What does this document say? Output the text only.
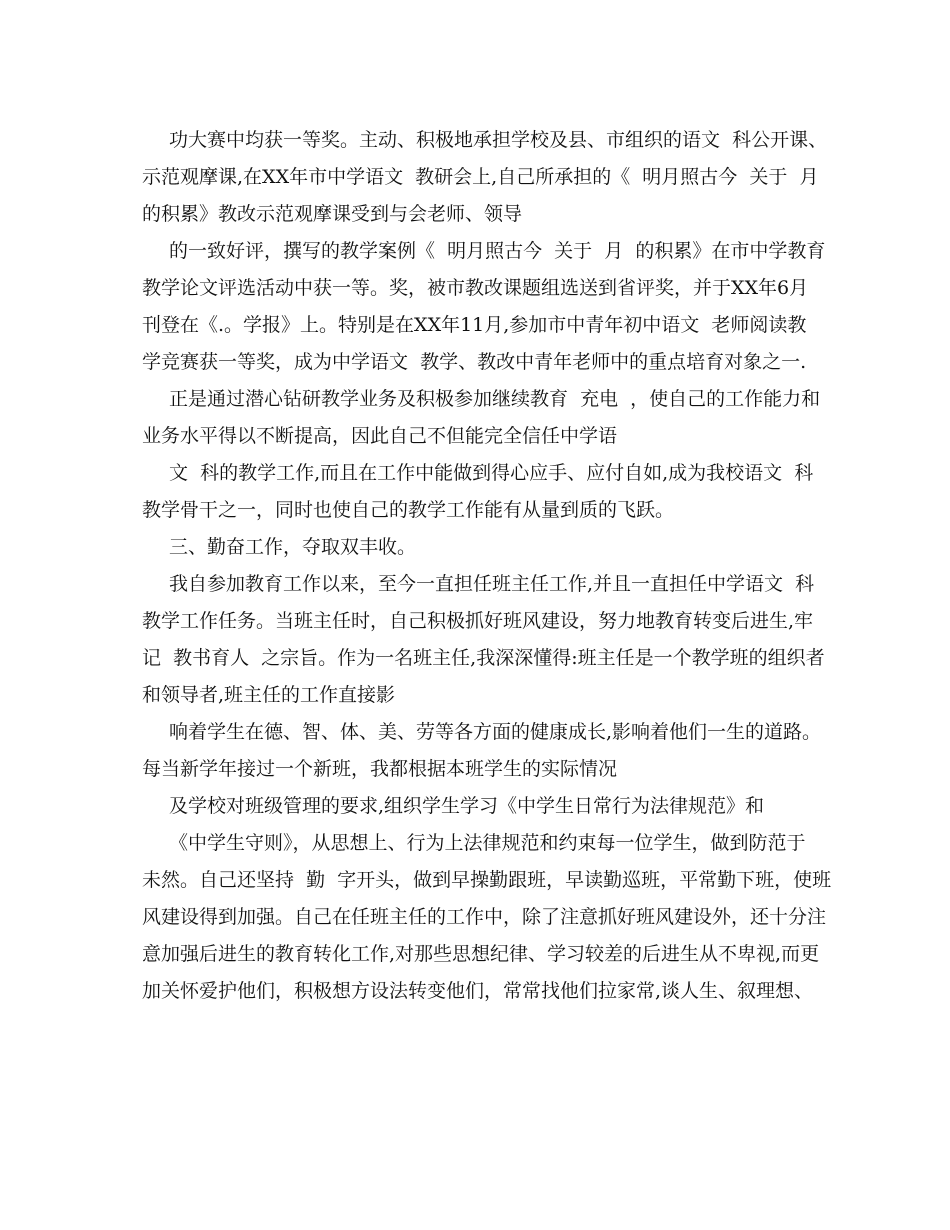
功大赛中均获一等奖。主动、积极地承担学校及县、市组织的语文  科公开课、
示范观摩课,在XX年市中学语文  教研会上,自己所承担的《  明月照古今  关于  月
的积累》教改示范观摩课受到与会老师、领导
的一致好评，撰写的教学案例《  明月照古今  关于  月  的积累》在市中学教育
教学论文评选活动中获一等。奖，被市教改课题组选送到省评奖，并于XX年6月
刊登在《.。学报》上。特别是在XX年11月,参加市中青年初中语文  老师阅读教
学竞赛获一等奖，成为中学语文  教学、教改中青年老师中的重点培育对象之一.
正是通过潜心钻研教学业务及积极参加继续教育  充电  ，使自己的工作能力和
业务水平得以不断提高，因此自己不但能完全信任中学语
文  科的教学工作,而且在工作中能做到得心应手、应付自如,成为我校语文  科
教学骨干之一，同时也使自己的教学工作能有从量到质的飞跃。
三、勤奋工作，夺取双丰收。
我自参加教育工作以来，至今一直担任班主任工作,并且一直担任中学语文  科
教学工作任务。当班主任时，自己积极抓好班风建设，努力地教育转变后进生,牢
记  教书育人  之宗旨。作为一名班主任,我深深懂得:班主任是一个教学班的组织者
和领导者,班主任的工作直接影
响着学生在德、智、体、美、劳等各方面的健康成长,影响着他们一生的道路。
每当新学年接过一个新班，我都根据本班学生的实际情况
及学校对班级管理的要求,组织学生学习《中学生日常行为法律规范》和
《中学生守则》，从思想上、行为上法律规范和约束每一位学生，做到防范于
未然。自己还坚持  勤  字开头，做到早操勤跟班，早读勤巡班，平常勤下班，使班
风建设得到加强。自己在任班主任的工作中，除了注意抓好班风建设外，还十分注
意加强后进生的教育转化工作,对那些思想纪律、学习较差的后进生从不卑视,而更
加关怀爱护他们，积极想方设法转变他们，常常找他们拉家常,谈人生、叙理想、
